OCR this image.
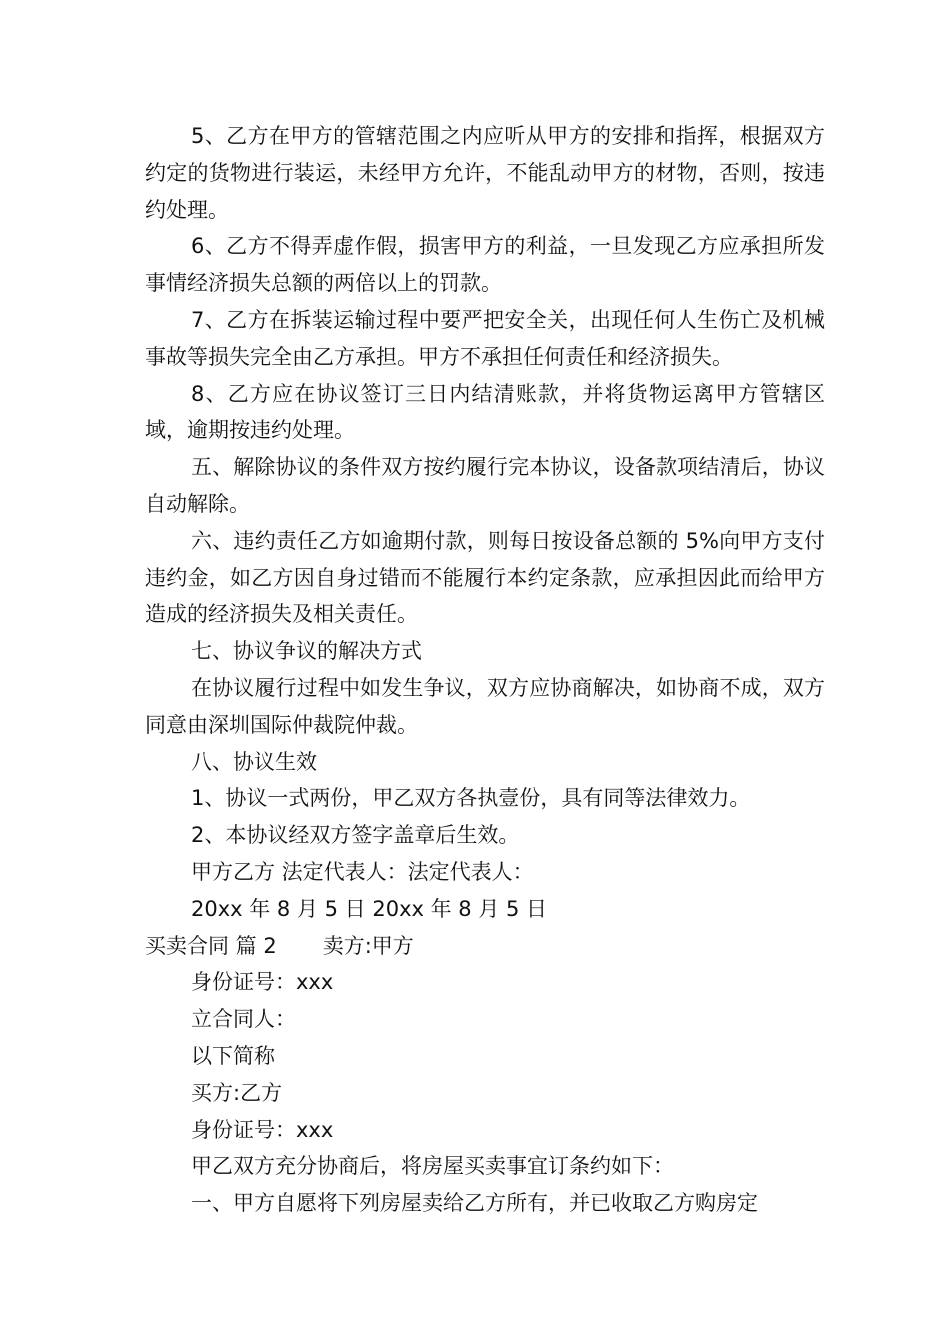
5、乙方在甲方的管辖范围之内应听从甲方的安排和指挥，根据双方约定的货物进行装运，未经甲方允许，不能乱动甲方的材物，否则，按违约处理。

6、乙方不得弄虚作假，损害甲方的利益，一旦发现乙方应承担所发事情经济损失总额的两倍以上的罚款。

7、乙方在拆装运输过程中要严把安全关，出现任何人生伤亡及机械事故等损失完全由乙方承担。甲方不承担任何责任和经济损失。

8、乙方应在协议签订三日内结清账款，并将货物运离甲方管辖区域，逾期按违约处理。

五、解除协议的条件双方按约履行完本协议，设备款项结清后，协议自动解除。

六、违约责任乙方如逾期付款，则每日按设备总额的 5%向甲方支付违约金，如乙方因自身过错而不能履行本约定条款，应承担因此而给甲方造成的经济损失及相关责任。

七、协议争议的解决方式

在协议履行过程中如发生争议，双方应协商解决，如协商不成，双方同意由深圳国际仲裁院仲裁。

八、协议生效

1、协议一式两份，甲乙双方各执壹份，具有同等法律效力。

2、本协议经双方签字盖章后生效。

甲方乙方 法定代表人：法定代表人：

20xx 年 8 月 5 日 20xx 年 8 月 5 日

买卖合同 篇 2 卖方:甲方

身份证号：xxx

立合同人：

以下简称

买方:乙方

身份证号：xxx

甲乙双方充分协商后，将房屋买卖事宜订条约如下：

一、甲方自愿将下列房屋卖给乙方所有，并已收取乙方购房定
